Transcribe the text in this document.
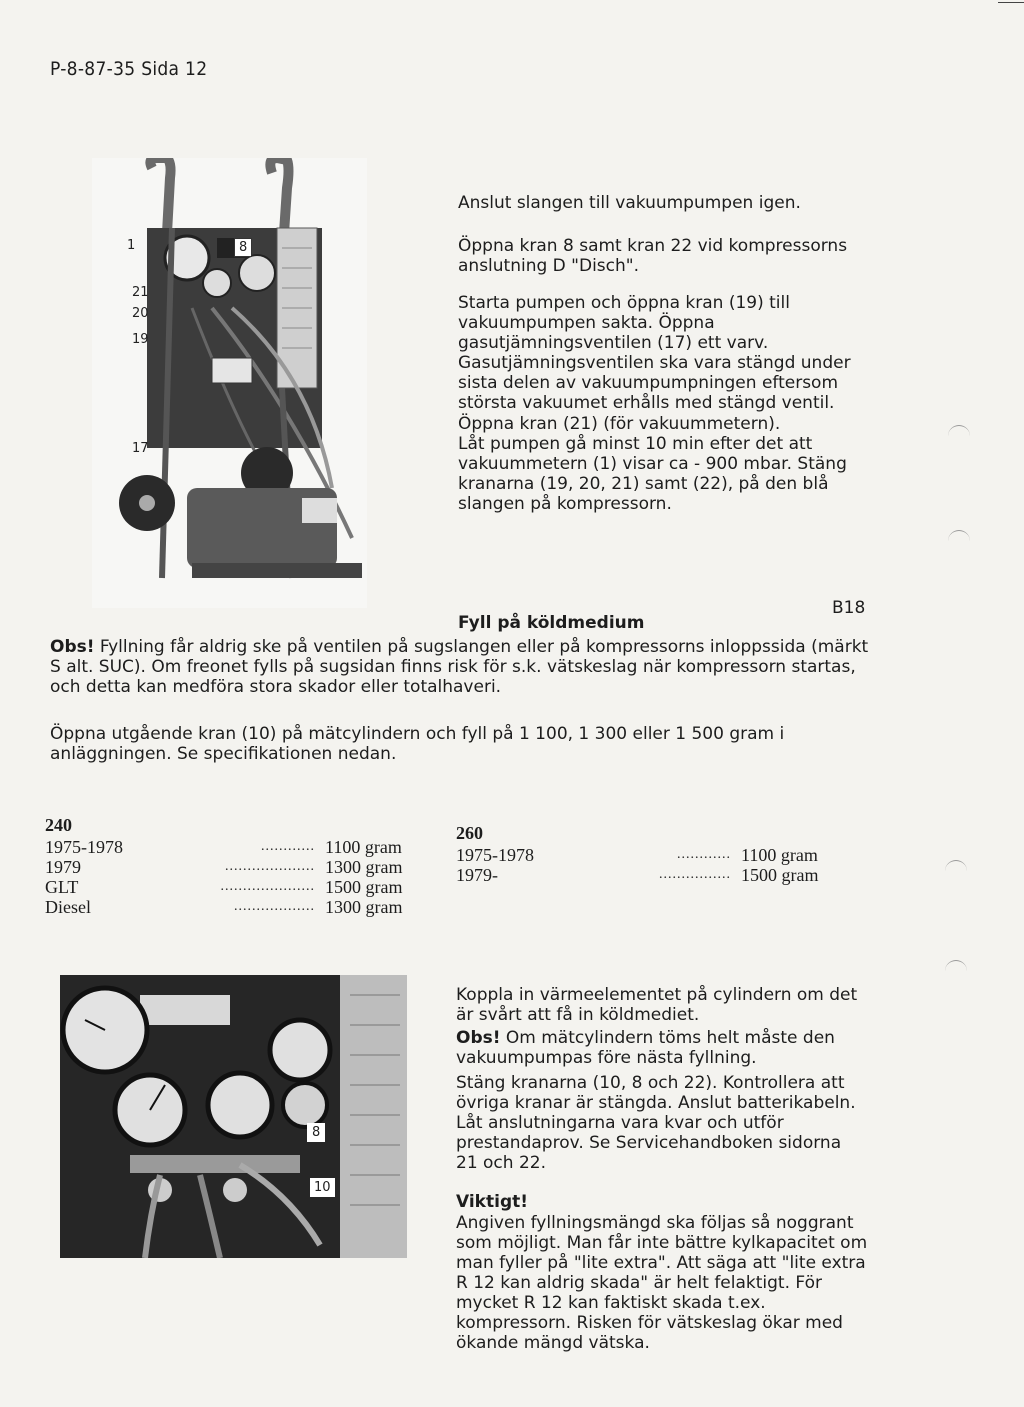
P-8-87-35 Sida 12
1	8
21
20
19
17
Anslut slangen till vakuumpumpen igen.
Öppna kran 8 samt kran 22 vid kompressorns anslutning D "Disch".
Starta pumpen och öppna kran (19) till vakuumpumpen sakta. Öppna gasutjämningsventilen (17) ett varv. Gasutjämningsventilen ska vara stängd under sista delen av vakuumpumpningen eftersom största vakuumet erhålls med stängd ventil.
Öppna kran (21) (för vakuummetern).
Låt pumpen gå minst 10 min efter det att vakuummetern (1) visar ca - 900 mbar. Stäng kranarna (19, 20, 21) samt (22), på den blå slangen på kompressorn.
B18
Fyll på köldmedium
Obs! Fyllning får aldrig ske på ventilen på sugslangen eller på kompressorns inloppssida (märkt S alt. SUC). Om freonet fylls på sugsidan finns risk för s.k. vätskeslag när kompressorn startas, och detta kan medföra stora skador eller totalhaveri.
Öppna utgående kran (10) på mätcylindern och fyll på 1 100, 1 300 eller 1 500 gram i anläggningen. Se specifikationen nedan.
240
1975-1978	............ 1100 gram
1979	.................... 1300 gram
GLT	..................... 1500 gram
Diesel	.................. 1300 gram
260
1975-1978	............ 1100 gram
1979-	................ 1500 gram
8
10
Koppla in värmeelementet på cylindern om det är svårt att få in köldmediet.
Obs! Om mätcylindern töms helt måste den vakuumpumpas före nästa fyllning.
Stäng kranarna (10, 8 och 22). Kontrollera att övriga kranar är stängda. Anslut batterikabeln. Låt anslutningarna vara kvar och utför prestandaprov. Se Servicehandboken sidorna 21 och 22.
Viktigt!
Angiven fyllningsmängd ska följas så noggrant som möjligt. Man får inte bättre kylkapacitet om man fyller på "lite extra". Att säga att "lite extra R 12 kan aldrig skada" är helt felaktigt. För mycket R 12 kan faktiskt skada t.ex. kompressorn. Risken för vätskeslag ökar med ökande mängd vätska.
